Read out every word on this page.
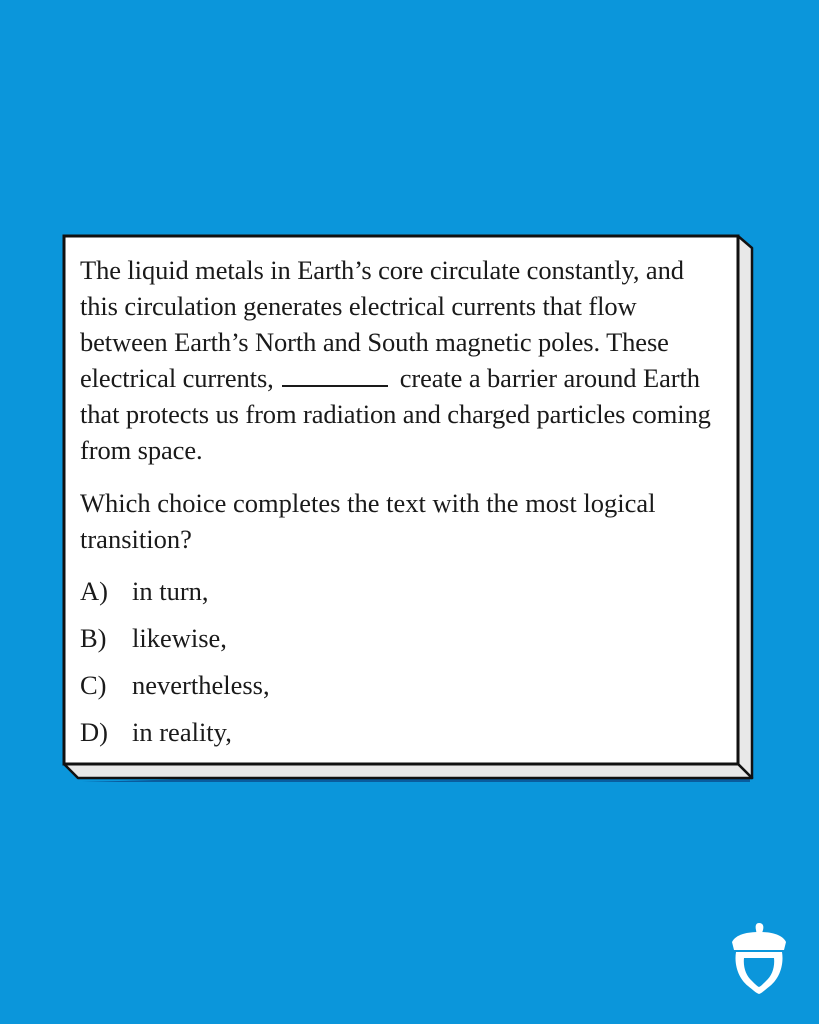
The liquid metals in Earth’s core circulate constantly, and this circulation generates electrical currents that flow between Earth’s North and South magnetic poles. These electrical currents,	create a barrier around Earth that protects us from radiation and charged particles coming from space.

Which choice completes the text with the most logical transition?

A) in turn,
B) likewise,
C) nevertheless,
D) in reality,
